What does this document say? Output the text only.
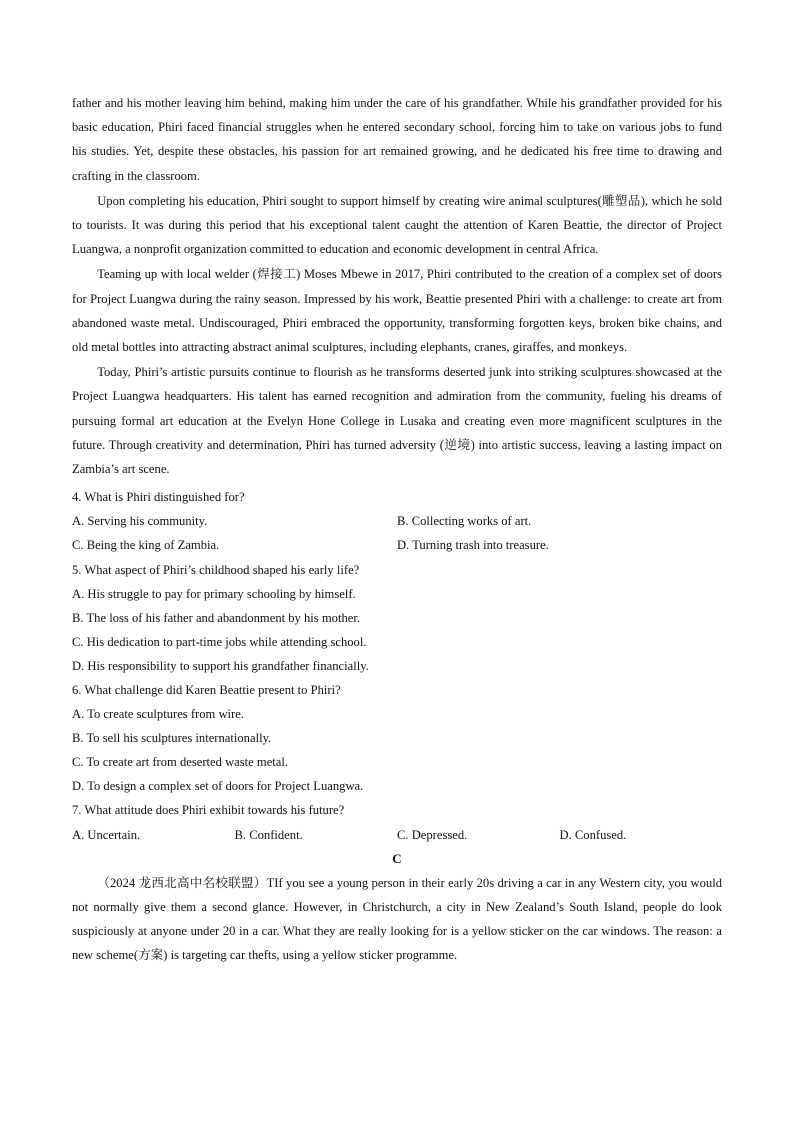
father and his mother leaving him behind, making him under the care of his grandfather. While his grandfather provided for his basic education, Phiri faced financial struggles when he entered secondary school, forcing him to take on various jobs to fund his studies. Yet, despite these obstacles, his passion for art remained growing, and he dedicated his free time to drawing and crafting in the classroom.

Upon completing his education, Phiri sought to support himself by creating wire animal sculptures(雕塑品), which he sold to tourists. It was during this period that his exceptional talent caught the attention of Karen Beattie, the director of Project Luangwa, a nonprofit organization committed to education and economic development in central Africa.

Teaming up with local welder (焊接工) Moses Mbewe in 2017, Phiri contributed to the creation of a complex set of doors for Project Luangwa during the rainy season. Impressed by his work, Beattie presented Phiri with a challenge: to create art from abandoned waste metal. Undiscouraged, Phiri embraced the opportunity, transforming forgotten keys, broken bike chains, and old metal bottles into attracting abstract animal sculptures, including elephants, cranes, giraffes, and monkeys.

Today, Phiri’s artistic pursuits continue to flourish as he transforms deserted junk into striking sculptures showcased at the Project Luangwa headquarters. His talent has earned recognition and admiration from the community, fueling his dreams of pursuing formal art education at the Evelyn Hone College in Lusaka and creating even more magnificent sculptures in the future. Through creativity and determination, Phiri has turned adversity (逆境) into artistic success, leaving a lasting impact on Zambia’s art scene.

4. What is Phiri distinguished for?

A. Serving his community.	B. Collecting works of art.
C. Being the king of Zambia.	D. Turning trash into treasure.

5. What aspect of Phiri’s childhood shaped his early life?

A. His struggle to pay for primary schooling by himself.

B. The loss of his father and abandonment by his mother.

C. His dedication to part-time jobs while attending school.

D. His responsibility to support his grandfather financially.

6. What challenge did Karen Beattie present to Phiri?

A. To create sculptures from wire.

B. To sell his sculptures internationally.

C. To create art from deserted waste metal.

D. To design a complex set of doors for Project Luangwa.

7. What attitude does Phiri exhibit towards his future?

A. Uncertain.	B. Confident.	C. Depressed.	D. Confused.

C

（2024 龙西北高中名校联盟）TIf you see a young person in their early 20s driving a car in any Western city, you would not normally give them a second glance. However, in Christchurch, a city in New Zealand’s South Island, people do look suspiciously at anyone under 20 in a car. What they are really looking for is a yellow sticker on the car windows. The reason: a new scheme(方案) is targeting car thefts, using a yellow sticker programme.
